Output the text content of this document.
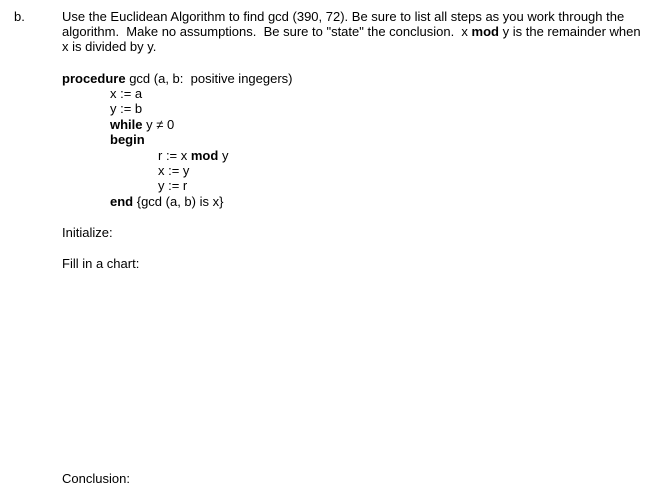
b.	Use the Euclidean Algorithm to find gcd (390, 72). Be sure to list all steps as you work through the
algorithm.  Make no assumptions.  Be sure to "state" the conclusion.  x mod y is the remainder when
x is divided by y.
procedure gcd (a, b:  positive ingegers)
x := a
y := b
while y ≠ 0
begin
r := x mod y
x := y
y := r
end {gcd (a, b) is x}
Initialize:
Fill in a chart:
Conclusion:
